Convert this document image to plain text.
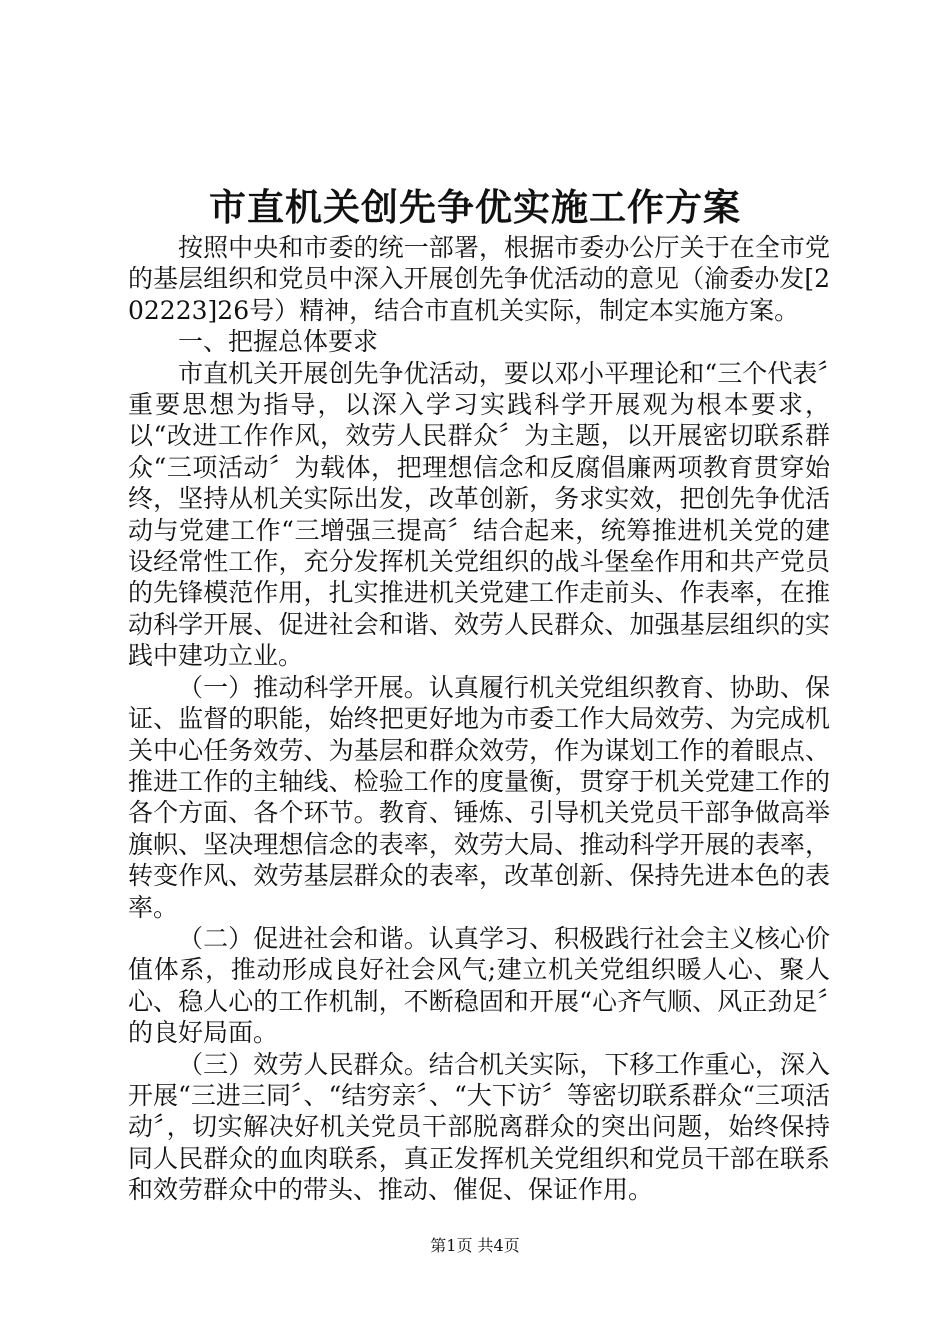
市直机关创先争优实施工作方案

按照中央和市委的统一部署，根据市委办公厅关于在全市党的基层组织和党员中深入开展创先争优活动的意见（渝委办发[202223]26号）精神，结合市直机关实际，制定本实施方案。

一、把握总体要求

市直机关开展创先争优活动，要以邓小平理论和“三个代表〞重要思想为指导，以深入学习实践科学开展观为根本要求，以“改进工作作风，效劳人民群众〞为主题，以开展密切联系群众“三项活动〞为载体，把理想信念和反腐倡廉两项教育贯穿始终，坚持从机关实际出发，改革创新，务求实效，把创先争优活动与党建工作“三增强三提高〞结合起来，统筹推进机关党的建设经常性工作，充分发挥机关党组织的战斗堡垒作用和共产党员的先锋模范作用，扎实推进机关党建工作走前头、作表率，在推动科学开展、促进社会和谐、效劳人民群众、加强基层组织的实践中建功立业。

（一）推动科学开展。认真履行机关党组织教育、协助、保证、监督的职能，始终把更好地为市委工作大局效劳、为完成机关中心任务效劳、为基层和群众效劳，作为谋划工作的着眼点、推进工作的主轴线、检验工作的度量衡，贯穿于机关党建工作的各个方面、各个环节。教育、锤炼、引导机关党员干部争做高举旗帜、坚决理想信念的表率，效劳大局、推动科学开展的表率，转变作风、效劳基层群众的表率，改革创新、保持先进本色的表率。

（二）促进社会和谐。认真学习、积极践行社会主义核心价值体系，推动形成良好社会风气;建立机关党组织暖人心、聚人心、稳人心的工作机制，不断稳固和开展“心齐气顺、风正劲足〞的良好局面。

（三）效劳人民群众。结合机关实际，下移工作重心，深入开展“三进三同〞、“结穷亲〞、“大下访〞等密切联系群众“三项活动〞，切实解决好机关党员干部脱离群众的突出问题，始终保持同人民群众的血肉联系，真正发挥机关党组织和党员干部在联系和效劳群众中的带头、推动、催促、保证作用。

第1页 共4页
